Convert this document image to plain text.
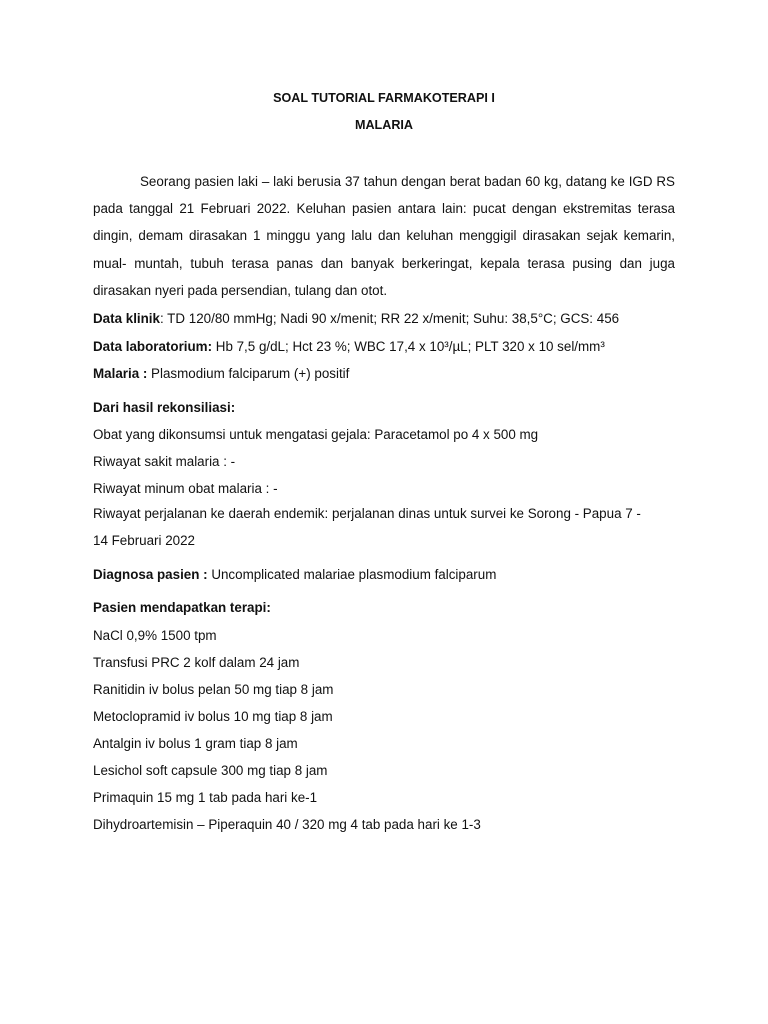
SOAL TUTORIAL FARMAKOTERAPI I

MALARIA

Seorang pasien laki – laki berusia 37 tahun dengan berat badan 60 kg, datang ke IGD RS pada tanggal 21 Februari 2022. Keluhan pasien antara lain: pucat dengan ekstremitas terasa dingin, demam dirasakan 1 minggu yang lalu dan keluhan menggigil dirasakan sejak kemarin, mual- muntah, tubuh terasa panas dan banyak berkeringat, kepala terasa pusing dan juga dirasakan nyeri pada persendian, tulang dan otot.

Data klinik: TD 120/80 mmHg; Nadi 90 x/menit; RR 22 x/menit; Suhu: 38,5°C; GCS: 456

Data laboratorium: Hb 7,5 g/dL; Hct 23 %; WBC 17,4 x 10³/µL; PLT 320 x 10 sel/mm³

Malaria : Plasmodium falciparum (+) positif

Dari hasil rekonsiliasi:

Obat yang dikonsumsi untuk mengatasi gejala: Paracetamol po 4 x 500 mg

Riwayat sakit malaria : -

Riwayat minum obat malaria : -

Riwayat perjalanan ke daerah endemik: perjalanan dinas untuk survei ke Sorong - Papua 7 -

14 Februari 2022

Diagnosa pasien : Uncomplicated malariae plasmodium falciparum

Pasien mendapatkan terapi:

NaCl 0,9% 1500 tpm

Transfusi PRC 2 kolf dalam 24 jam

Ranitidin iv bolus pelan 50 mg tiap 8 jam

Metoclopramid iv bolus 10 mg tiap 8 jam

Antalgin iv bolus 1 gram tiap 8 jam

Lesichol soft capsule 300 mg tiap 8 jam

Primaquin 15 mg 1 tab pada hari ke-1

Dihydroartemisin – Piperaquin 40 / 320 mg 4 tab pada hari ke 1-3
